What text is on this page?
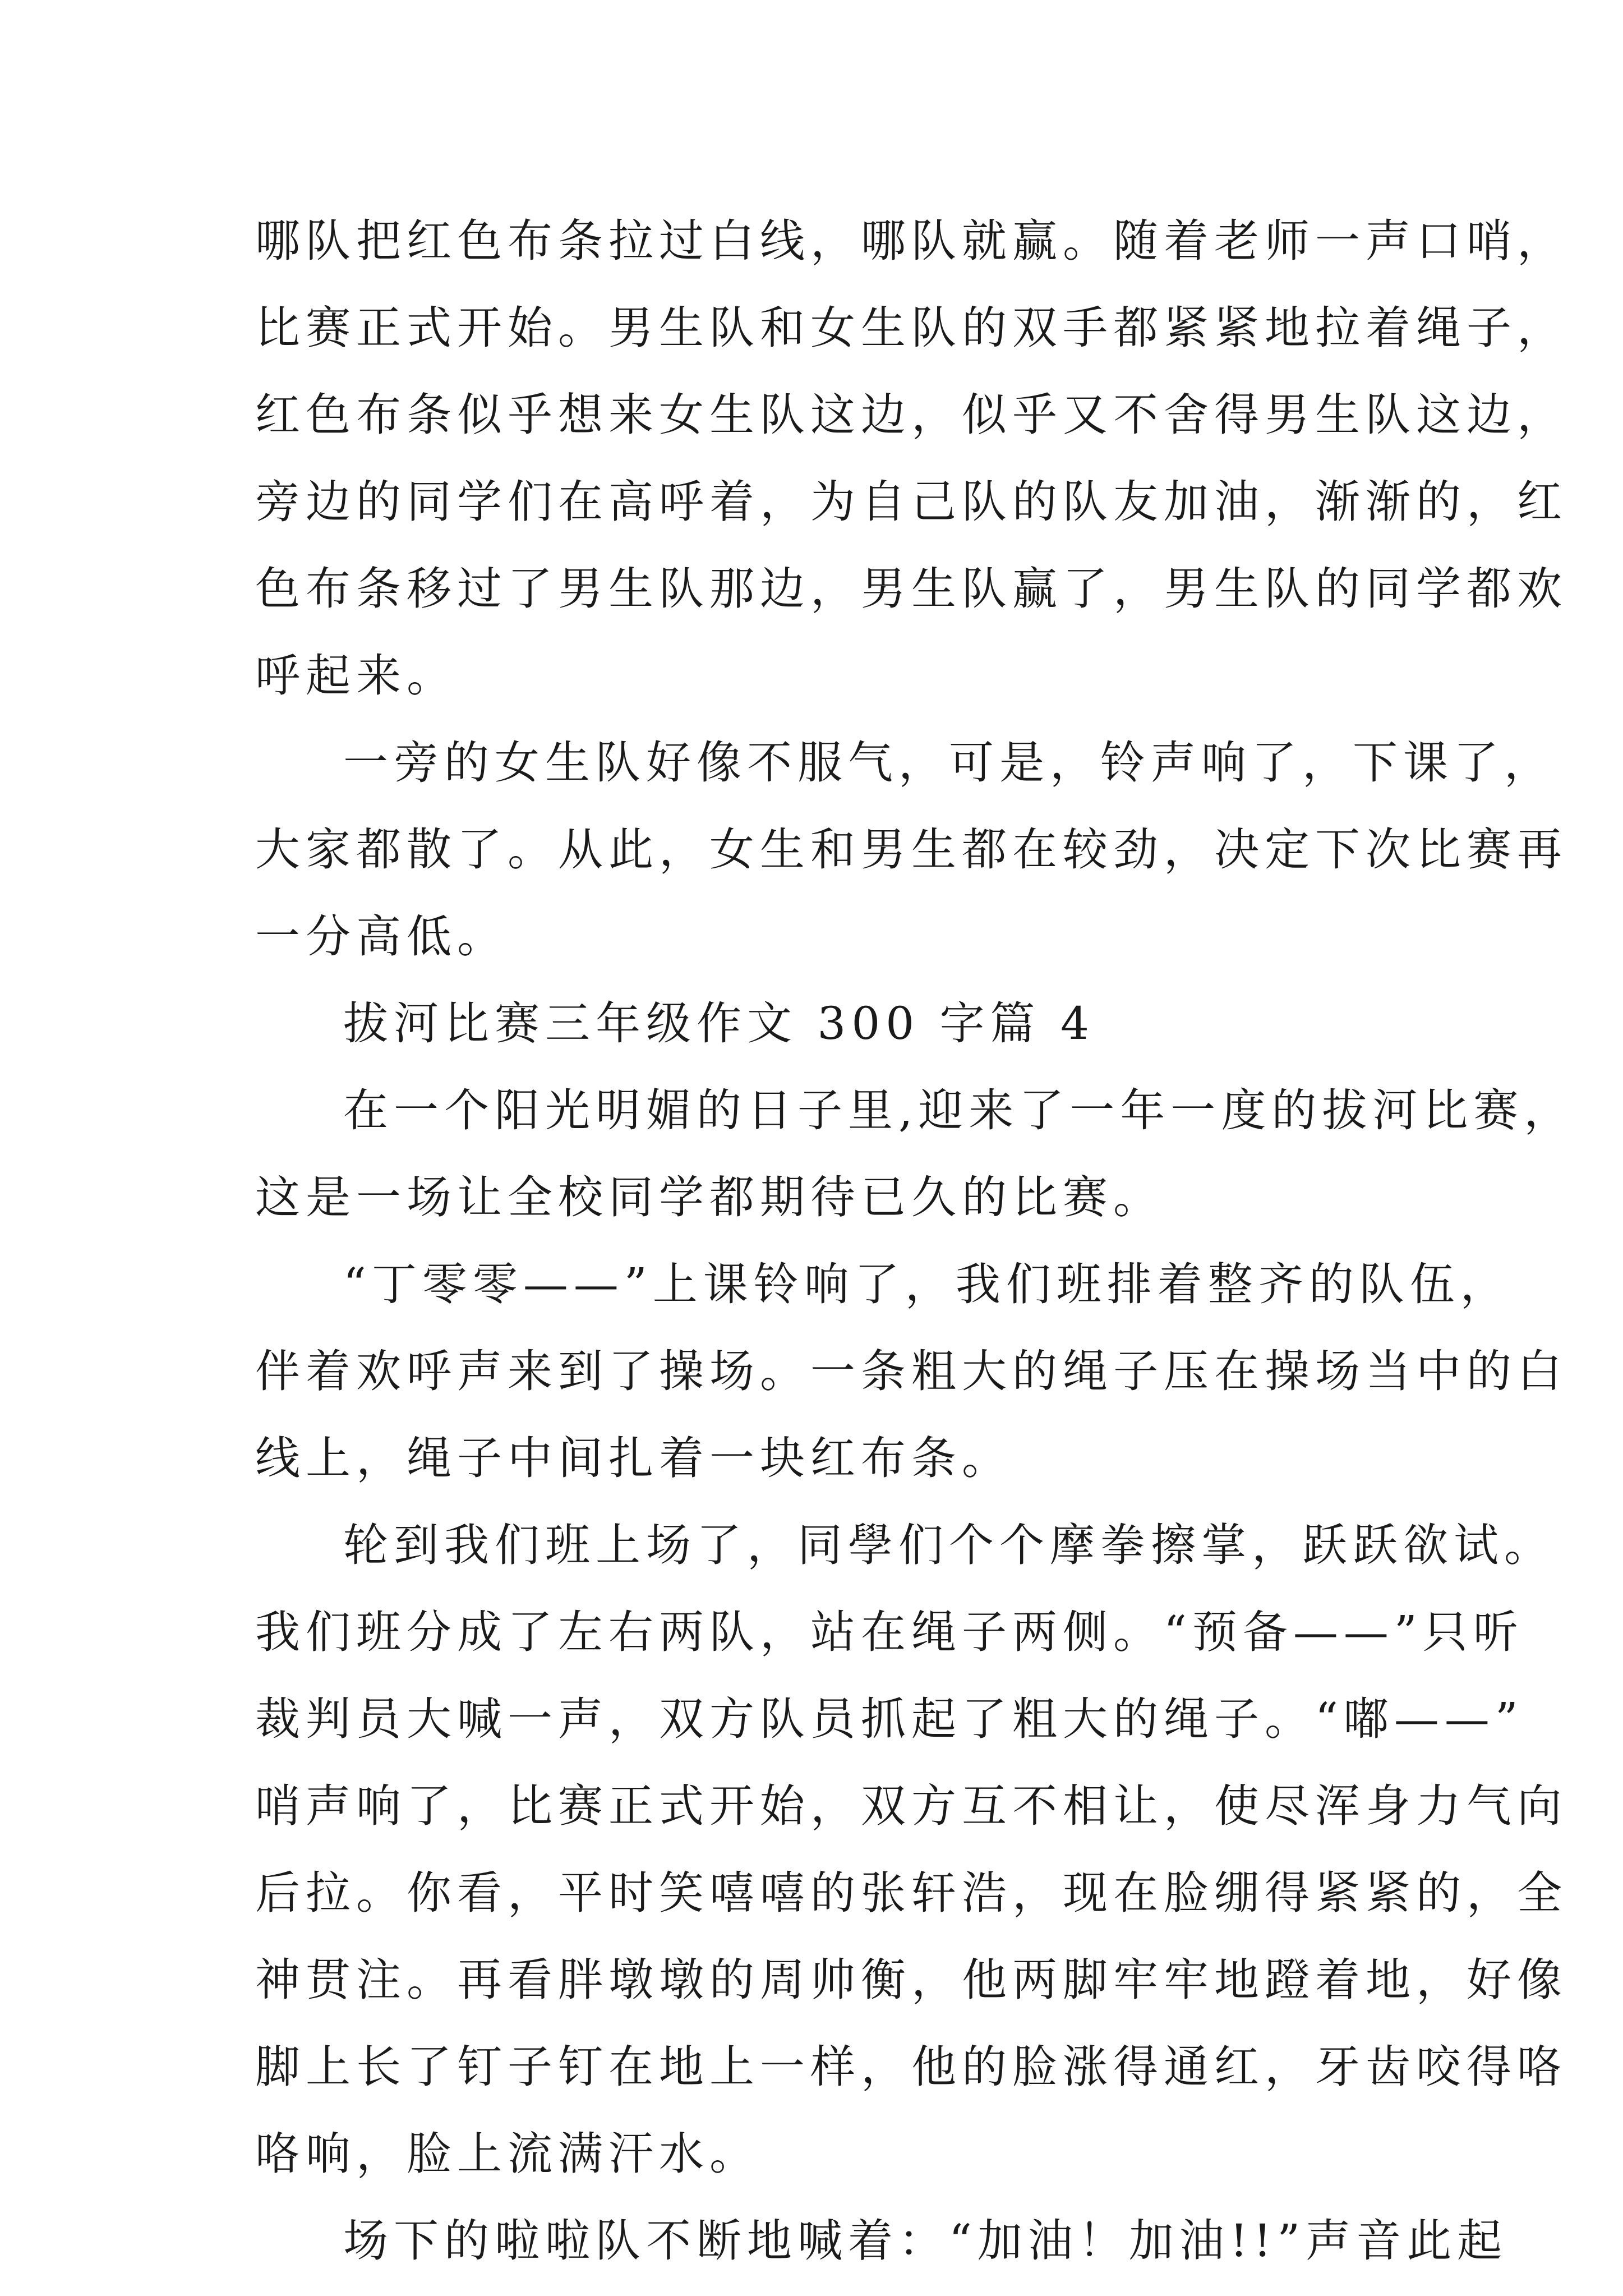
哪队把红色布条拉过白线，哪队就赢。随着老师一声口哨，
比赛正式开始。男生队和女生队的双手都紧紧地拉着绳子，
红色布条似乎想来女生队这边，似乎又不舍得男生队这边，
旁边的同学们在高呼着，为自己队的队友加油，渐渐的，红
色布条移过了男生队那边，男生队赢了，男生队的同学都欢
呼起来。
一旁的女生队好像不服气，可是，铃声响了，下课了，
大家都散了。从此，女生和男生都在较劲，决定下次比赛再
一分高低。
拔河比赛三年级作文 300 字篇 4
在一个阳光明媚的日子里,迎来了一年一度的拔河比赛，
这是一场让全校同学都期待已久的比赛。
“丁零零——”上课铃响了，我们班排着整齐的队伍，
伴着欢呼声来到了操场。一条粗大的绳子压在操场当中的白
线上，绳子中间扎着一块红布条。
轮到我们班上场了，同學们个个摩拳擦掌，跃跃欲试。
我们班分成了左右两队，站在绳子两侧。“预备——”只听
裁判员大喊一声，双方队员抓起了粗大的绳子。“嘟——”
哨声响了，比赛正式开始，双方互不相让，使尽浑身力气向
后拉。你看，平时笑嘻嘻的张轩浩，现在脸绷得紧紧的，全
神贯注。再看胖墩墩的周帅衡，他两脚牢牢地蹬着地，好像
脚上长了钉子钉在地上一样，他的脸涨得通红，牙齿咬得咯
咯响，脸上流满汗水。
场下的啦啦队不断地喊着：“加油！加油!!”声音此起
